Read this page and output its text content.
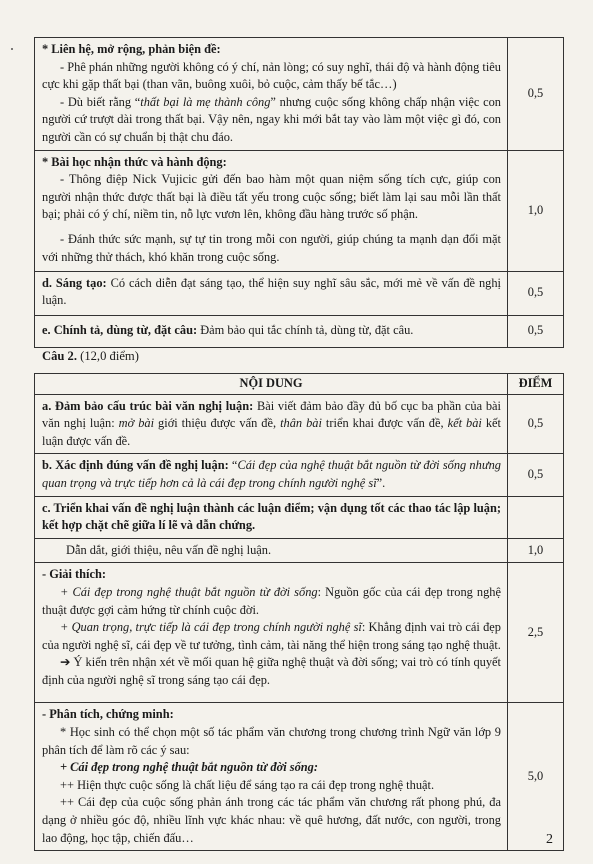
* Liên hệ, mở rộng, phản biện đề:

- Phê phán những người không có ý chí, nản lòng; có suy nghĩ, thái độ và hành động tiêu cực khi gặp thất bại (than vãn, buông xuôi, bỏ cuộc, cảm thấy bế tắc…)

- Dù biết rằng “thất bại là mẹ thành công” nhưng cuộc sống không chấp nhận việc con người cứ trượt dài trong thất bại. Vậy nên, ngay khi mới bắt tay vào làm một việc gì đó, con người cần có sự chuẩn bị thật chu đáo.	0,5

* Bài học nhận thức và hành động:

- Thông điệp Nick Vujicic gửi đến bao hàm một quan niệm sống tích cực, giúp con người nhận thức được thất bại là điều tất yếu trong cuộc sống; biết làm lại sau mỗi lần thất bại; phải có ý chí, niềm tin, nỗ lực vươn lên, không đầu hàng trước số phận.

- Đánh thức sức mạnh, sự tự tin trong mỗi con người, giúp chúng ta mạnh dạn đối mặt với những thử thách, khó khăn trong cuộc sống.	1,0

d. Sáng tạo: Có cách diễn đạt sáng tạo, thể hiện suy nghĩ sâu sắc, mới mẻ về vấn đề nghị luận.	0,5

e. Chính tả, dùng từ, đặt câu: Đảm bảo qui tắc chính tả, dùng từ, đặt câu.	0,5
Câu 2. (12,0 điểm)
NỘI DUNG	ĐIỂM

a. Đảm bảo cấu trúc bài văn nghị luận: Bài viết đảm bảo đầy đủ bố cục ba phần của bài văn nghị luận: mở bài giới thiệu được vấn đề, thân bài triển khai được vấn đề, kết bài kết luận được vấn đề.	0,5

b. Xác định đúng vấn đề nghị luận: “Cái đẹp của nghệ thuật bắt nguồn từ đời sống nhưng quan trọng và trực tiếp hơn cả là cái đẹp trong chính người nghệ sĩ”.	0,5

c. Triển khai vấn đề nghị luận thành các luận điểm; vận dụng tốt các thao tác lập luận; kết hợp chặt chẽ giữa lí lẽ và dẫn chứng.	

Dẫn dắt, giới thiệu, nêu vấn đề nghị luận.	1,0

- Giải thích:

+ Cái đẹp trong nghệ thuật bắt nguồn từ đời sống: Nguồn gốc của cái đẹp trong nghệ thuật được gợi cảm hứng từ chính cuộc đời.

+ Quan trọng, trực tiếp là cái đẹp trong chính người nghệ sĩ: Khẳng định vai trò cái đẹp của người nghệ sĩ, cái đẹp về tư tưởng, tình cảm, tài năng thể hiện trong sáng tạo nghệ thuật.

➔ Ý kiến trên nhận xét về mối quan hệ giữa nghệ thuật và đời sống; vai trò có tính quyết định của người nghệ sĩ trong sáng tạo cái đẹp.	2,5

- Phân tích, chứng minh:

* Học sinh có thể chọn một số tác phẩm văn chương trong chương trình Ngữ văn lớp 9 phân tích để làm rõ các ý sau:

+ Cái đẹp trong nghệ thuật bắt nguồn từ đời sống:

++ Hiện thực cuộc sống là chất liệu để sáng tạo ra cái đẹp trong nghệ thuật.

++ Cái đẹp của cuộc sống phản ánh trong các tác phẩm văn chương rất phong phú, đa dạng ở nhiều góc độ, nhiều lĩnh vực khác nhau: về quê hương, đất nước, con người, trong lao động, học tập, chiến đấu…	5,0
2
